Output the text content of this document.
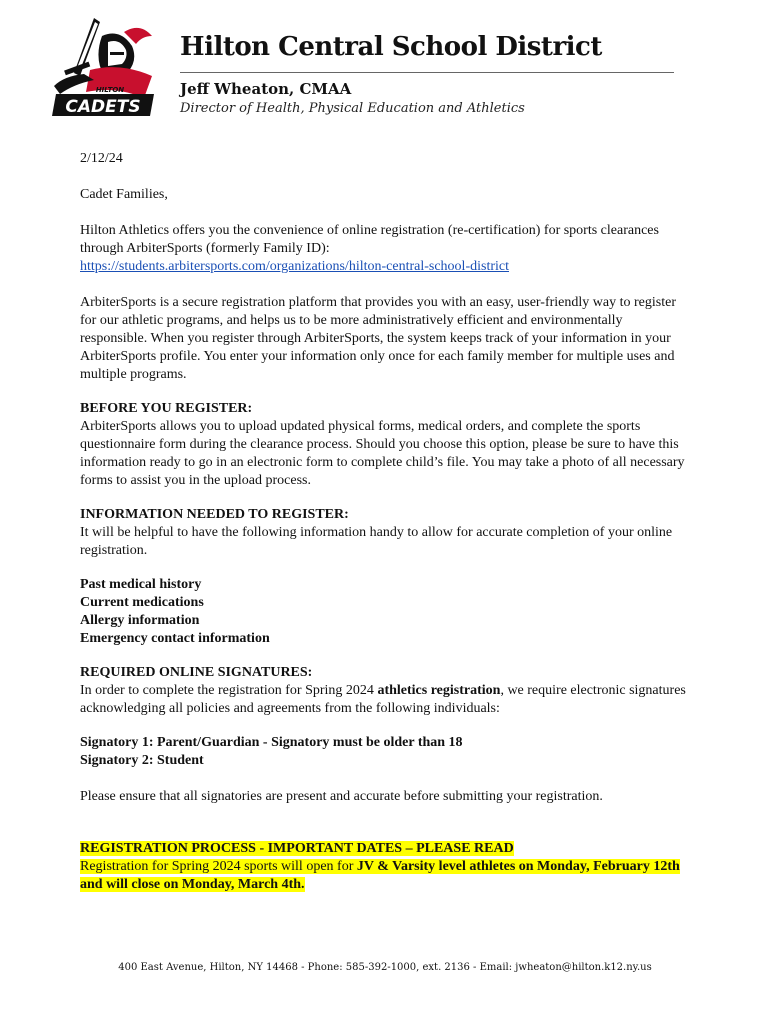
CADETS
HILTON
Hilton Central School District
Jeff Wheaton, CMAA
Director of Health, Physical Education and Athletics

2/12/24

Cadet Families,

Hilton Athletics offers you the convenience of online registration (re-certification) for sports clearances through ArbiterSports (formerly Family ID):
https://students.arbitersports.com/organizations/hilton-central-school-district

ArbiterSports is a secure registration platform that provides you with an easy, user-friendly way to register for our athletic programs, and helps us to be more administratively efficient and environmentally responsible. When you register through ArbiterSports, the system keeps track of your information in your ArbiterSports profile. You enter your information only once for each family member for multiple uses and multiple programs.

BEFORE YOU REGISTER:

ArbiterSports allows you to upload updated physical forms, medical orders, and complete the sports questionnaire form during the clearance process. Should you choose this option, please be sure to have this information ready to go in an electronic form to complete child’s file. You may take a photo of all necessary forms to assist you in the upload process.

INFORMATION NEEDED TO REGISTER:

It will be helpful to have the following information handy to allow for accurate completion of your online registration.

Past medical history

Current medications

Allergy information

Emergency contact information

REQUIRED ONLINE SIGNATURES:

In order to complete the registration for Spring 2024 athletics registration, we require electronic signatures acknowledging all policies and agreements from the following individuals:

Signatory 1: Parent/Guardian - Signatory must be older than 18

Signatory 2: Student

Please ensure that all signatories are present and accurate before submitting your registration.

REGISTRATION PROCESS - IMPORTANT DATES – PLEASE READ

Registration for Spring 2024 sports will open for JV & Varsity level athletes on Monday, February 12th and will close on Monday, March 4th.

400 East Avenue, Hilton, NY 14468 - Phone: 585-392-1000, ext. 2136 - Email: jwheaton@hilton.k12.ny.us
